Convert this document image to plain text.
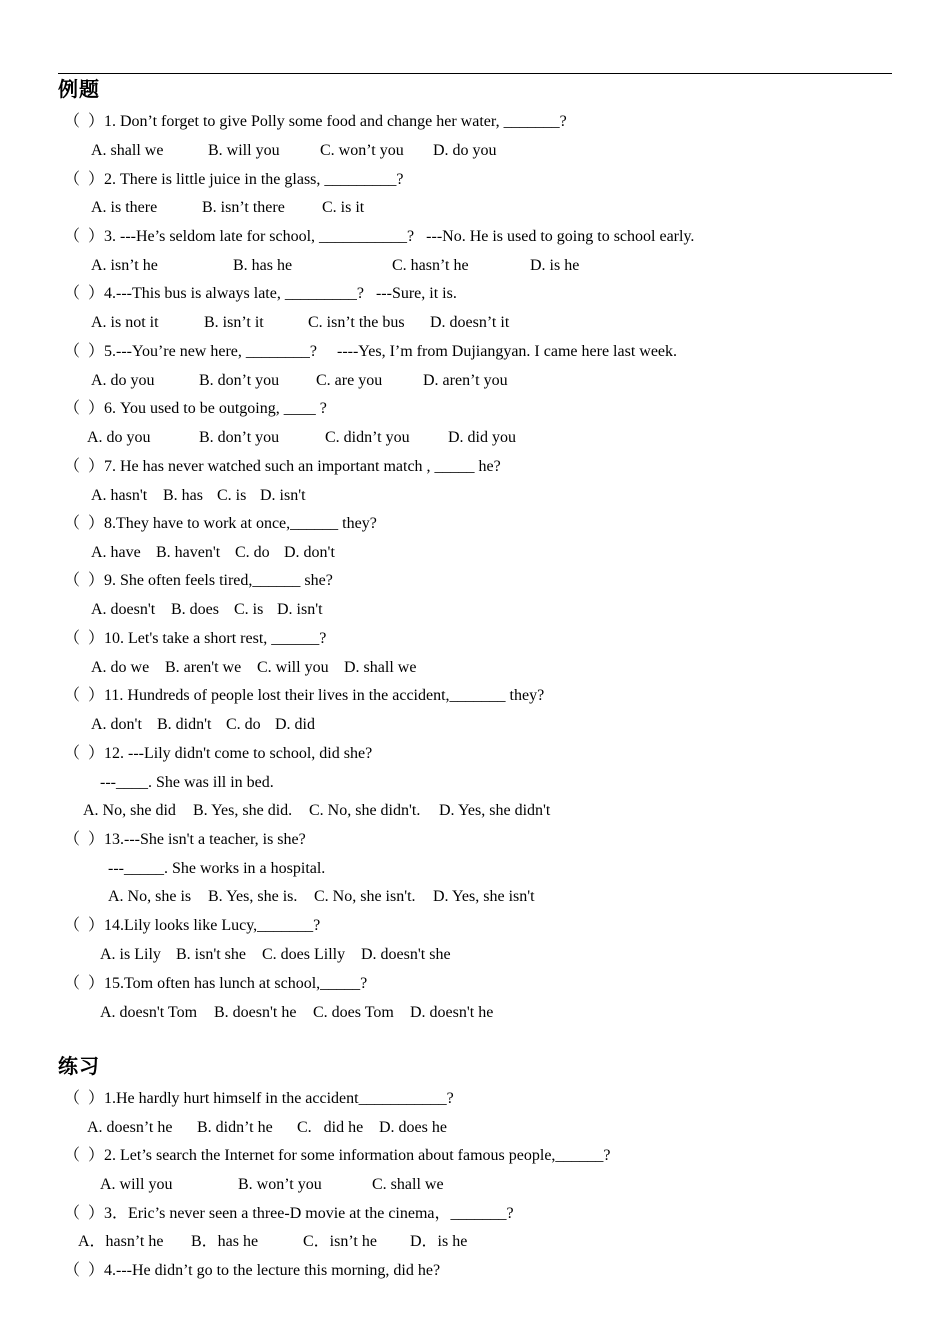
例题
（  ）1. Don’t forget to give Polly some food and change her water, _______?
A. shall we	B. will you	C. won’t you D. do you
（  ）2. There is little juice in the glass, _________?
A. is there	B. isn’t there C. is it
（  ）3. ---He’s seldom late for school, ___________?   ---No. He is used to going to school early.
A. isn’t he	B. has he	C. hasn’t he	D. is he
（  ）4.---This bus is always late, _________?   ---Sure, it is.
A. is not it	B. isn’t it	C. isn’t the bus D. doesn’t it
（  ）5.---You’re new here, ________?     ----Yes, I’m from Dujiangyan. I came here last week.
A. do you	B. don’t you C. are you	D. aren’t you
（  ）6. You used to be outgoing, ____ ?
A. do you	B. don’t you	C. didn’t you D. did you
（  ）7. He has never watched such an important match , _____ he?
A. hasn't B. has C. is D. isn't
（  ）8.They have to work at once,______ they?
A. have B. haven't C. do D. don't
（  ）9. She often feels tired,______ she?
A. doesn't B. does C. is D. isn't
（  ）10. Let's take a short rest, ______?
A. do we B. aren't we C. will you D. shall we
（  ）11. Hundreds of people lost their lives in the accident,_______ they?
A. don't B. didn't C. do D. did
（  ）12. ---Lily didn't come to school, did she?
---____. She was ill in bed.
A. No, she did B. Yes, she did. C. No, she didn't. D. Yes, she didn't
（  ）13.---She isn't a teacher, is she?
---_____. She works in a hospital.
A. No, she is B. Yes, she is. C. No, she isn't. D. Yes, she isn't
（  ）14.Lily looks like Lucy,_______?
A. is Lily B. isn't she C. does Lilly D. doesn't she
（  ）15.Tom often has lunch at school,_____?
A. doesn't Tom B. doesn't he C. does Tom D. doesn't he
练习
（  ）1.He hardly hurt himself in the accident___________?
A. doesn’t he B. didn’t he C.   did he D. does he
（  ）2. Let’s search the Internet for some information about famous people,______?
A. will you	B. won’t you	C. shall we
（  ）3．Eric’s never seen a three-D movie at the cinema，_______?
A．hasn’t he B．has he	C．isn’t he D．is he
（  ）4.---He didn’t go to the lecture this morning, did he?
